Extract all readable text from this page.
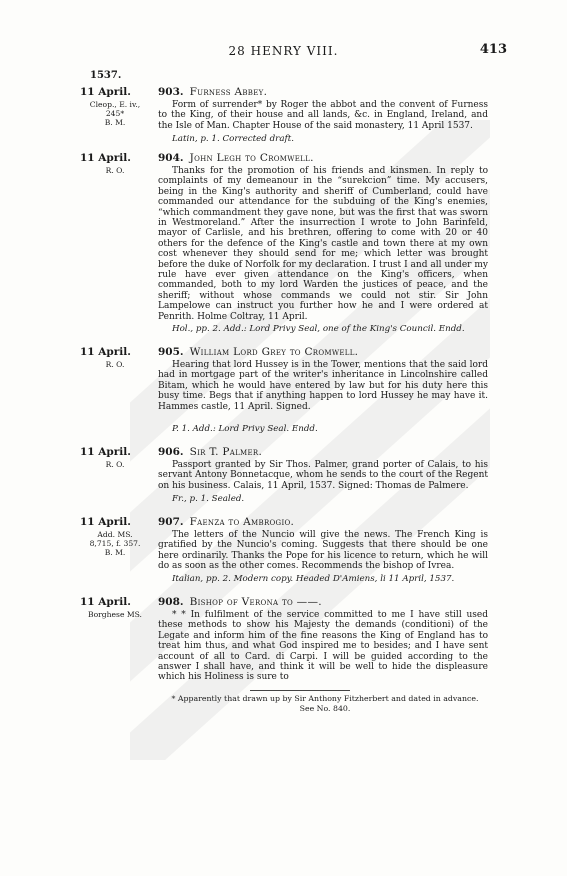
28 HENRY VIII.	413
1537.
11 April.
Cleop., E. iv.,
245*
B. M.
903. Furness Abbey.
Form of surrender* by Roger the abbot and the convent of Furness to the King, of their house and all lands, &c. in England, Ireland, and the Isle of Man. Chapter House of the said monastery, 11 April 1537.
Latin, p. 1. Corrected draft.
11 April.
R. O.
904. John Legh to Cromwell.
Thanks for the promotion of his friends and kinsmen. In reply to complaints of my demeanour in the “surekcion” time. My accusers, being in the King's authority and sheriff of Cumberland, could have commanded our attendance for the subduing of the King's enemies, “which commandment they gave none, but was the first that was sworn in Westmoreland.” After the insurrection I wrote to John Barinfeld, mayor of Carlisle, and his brethren, offering to come with 20 or 40 others for the defence of the King's castle and town there at my own cost whenever they should send for me; which letter was brought before the duke of Norfolk for my declaration. I trust I and all under my rule have ever given attendance on the King's officers, when commanded, both to my lord Warden the justices of peace, and the sheriff; without whose commands we could not stir. Sir John Lampelowe can instruct you further how he and I were ordered at Penrith. Holme Coltray, 11 April.
Hol., pp. 2. Add.: Lord Privy Seal, one of the King's Council. Endd.
11 April.
R. O.
905. William Lord Grey to Cromwell.
Hearing that lord Hussey is in the Tower, mentions that the said lord had in mortgage part of the writer's inheritance in Lincolnshire called Bitam, which he would have entered by law but for his duty here this busy time. Begs that if anything happen to lord Hussey he may have it. Hammes castle, 11 April. Signed.
P. 1. Add.: Lord Privy Seal. Endd.
11 April.
R. O.
906. Sir T. Palmer.
Passport granted by Sir Thos. Palmer, grand porter of Calais, to his servant Antony Bonnetacque, whom he sends to the court of the Regent on his business. Calais, 11 April, 1537. Signed: Thomas de Palmere.
Fr., p. 1. Sealed.
11 April.
Add. MS.
8,715, f. 357.
B. M.
907. Faenza to Ambrogio.
The letters of the Nuncio will give the news. The French King is gratified by the Nuncio's coming. Suggests that there should be one here ordinarily. Thanks the Pope for his licence to return, which he will do as soon as the other comes. Recommends the bishop of Ivrea.
Italian, pp. 2. Modern copy. Headed D'Amiens, li 11 April, 1537.
11 April.
Borghese MS.
908. Bishop of Verona to ——.
* * In fulfilment of the service committed to me I have still used these methods to show his Majesty the demands (conditioni) of the Legate and inform him of the fine reasons the King of England has to treat him thus, and what God inspired me to besides; and I have sent account of all to Card. di Carpi. I will be guided according to the answer I shall have, and think it will be well to hide the displeasure which his Holiness is sure to
* Apparently that drawn up by Sir Anthony Fitzherbert and dated in advance.
See No. 840.
